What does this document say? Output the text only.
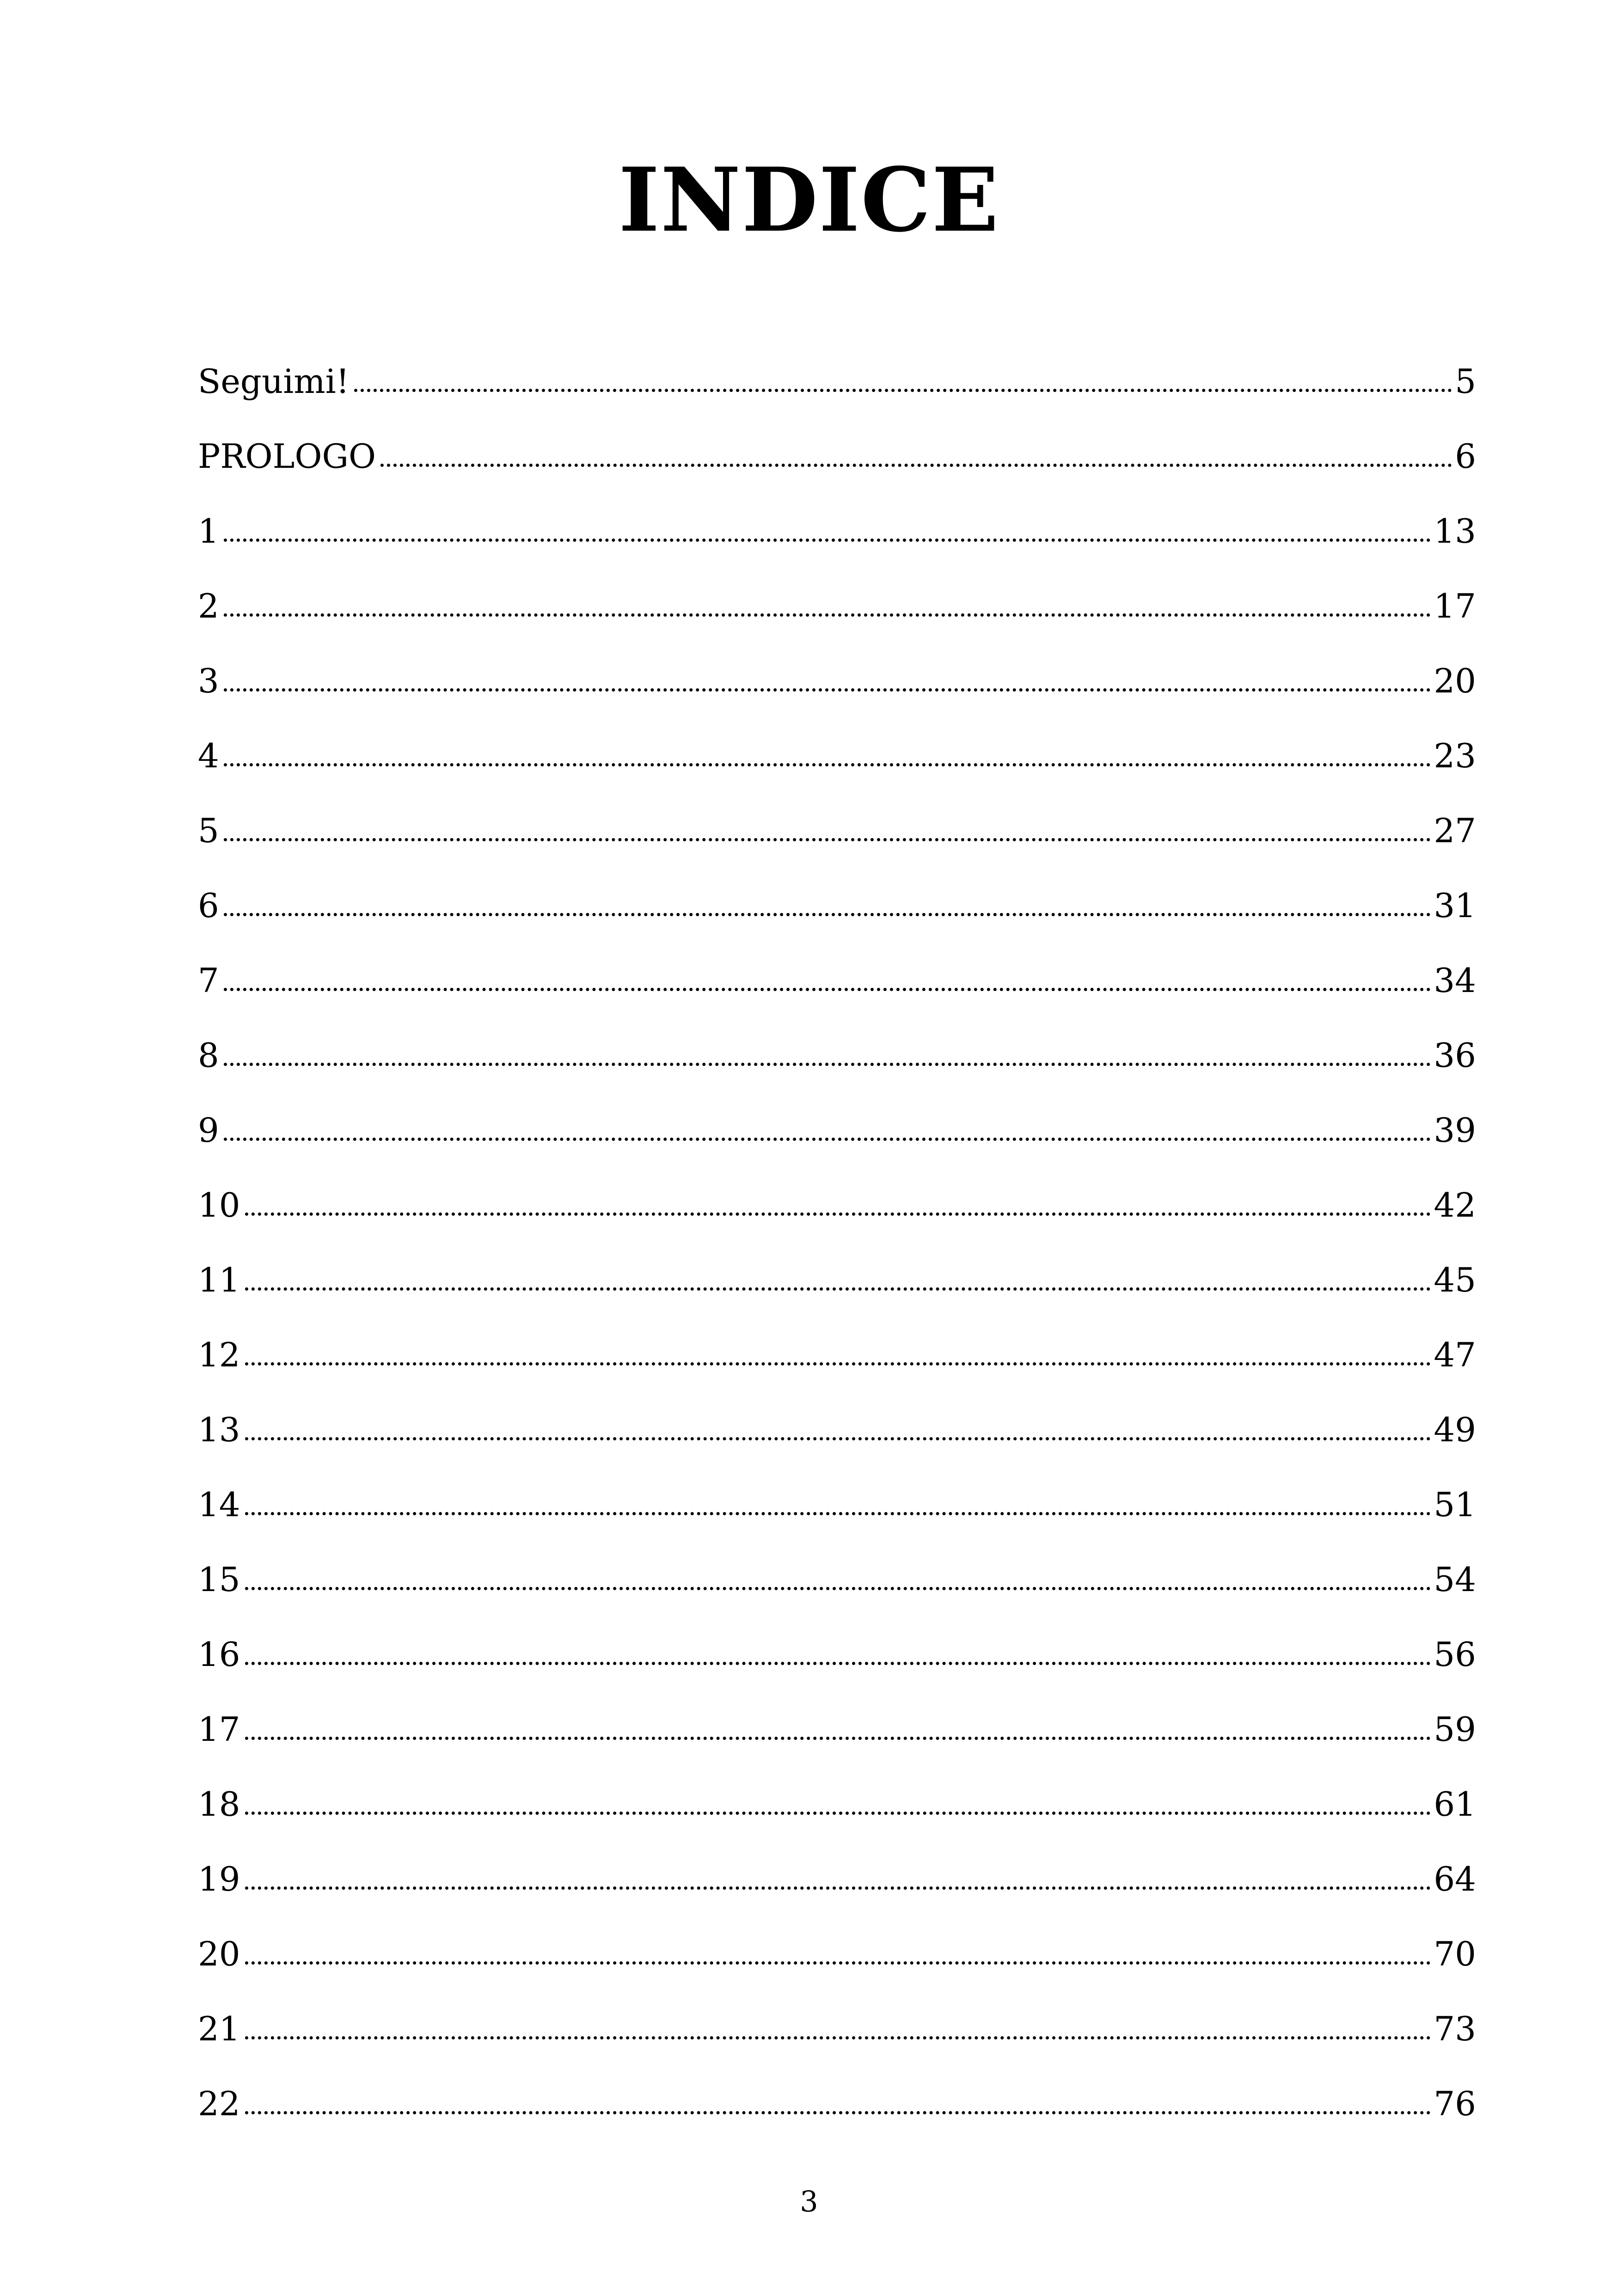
INDICE
Seguimi!	5
PROLOGO	6
1	13
2	17
3	20
4	23
5	27
6	31
7	34
8	36
9	39
10	42
11	45
12	47
13	49
14	51
15	54
16	56
17	59
18	61
19	64
20	70
21	73
22	76
3
